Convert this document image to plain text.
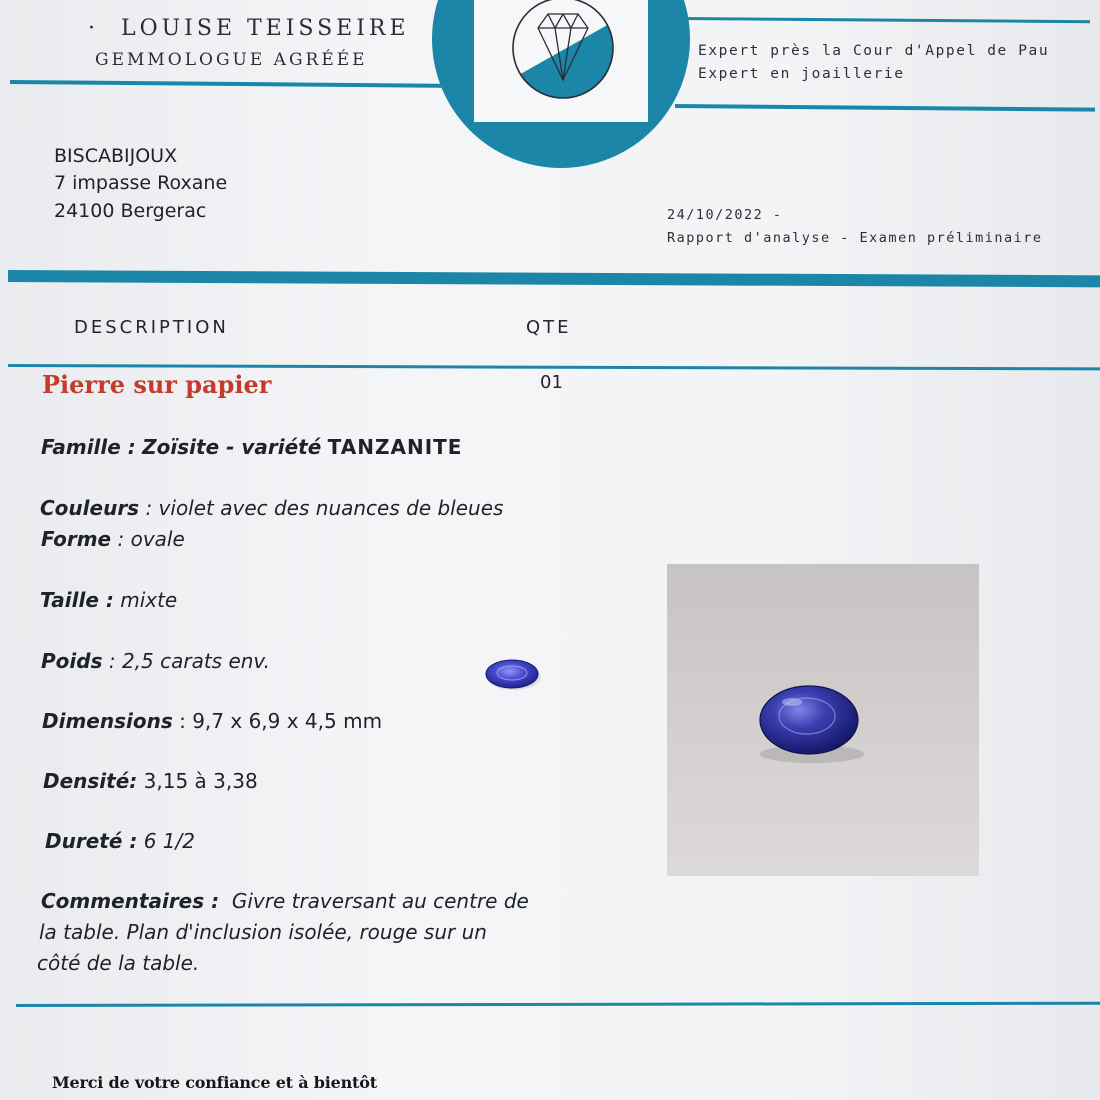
· LOUISE TEISSEIRE
GEMMOLOGUE AGRÉÉE	Expert près la Cour d'Appel de Pau
Expert en joaillerie
BISCABIJOUX
7 impasse Roxane
24100 Bergerac	24/10/2022 -
Rapport d'analyse - Examen préliminaire
DESCRIPTION	QTE
Pierre sur papier	01
Famille : Zoïsite - variété TANZANITE
Couleurs : violet avec des nuances de bleues
Forme : ovale
Taille : mixte
Poids : 2,5 carats env.
Dimensions : 9,7 x 6,9 x 4,5 mm
Densité: 3,15 à 3,38
Dureté : 6 1/2
Commentaires : Givre traversant au centre de
la table. Plan d'inclusion isolée, rouge sur un
côté de la table.
Merci de votre confiance et à bientôt
